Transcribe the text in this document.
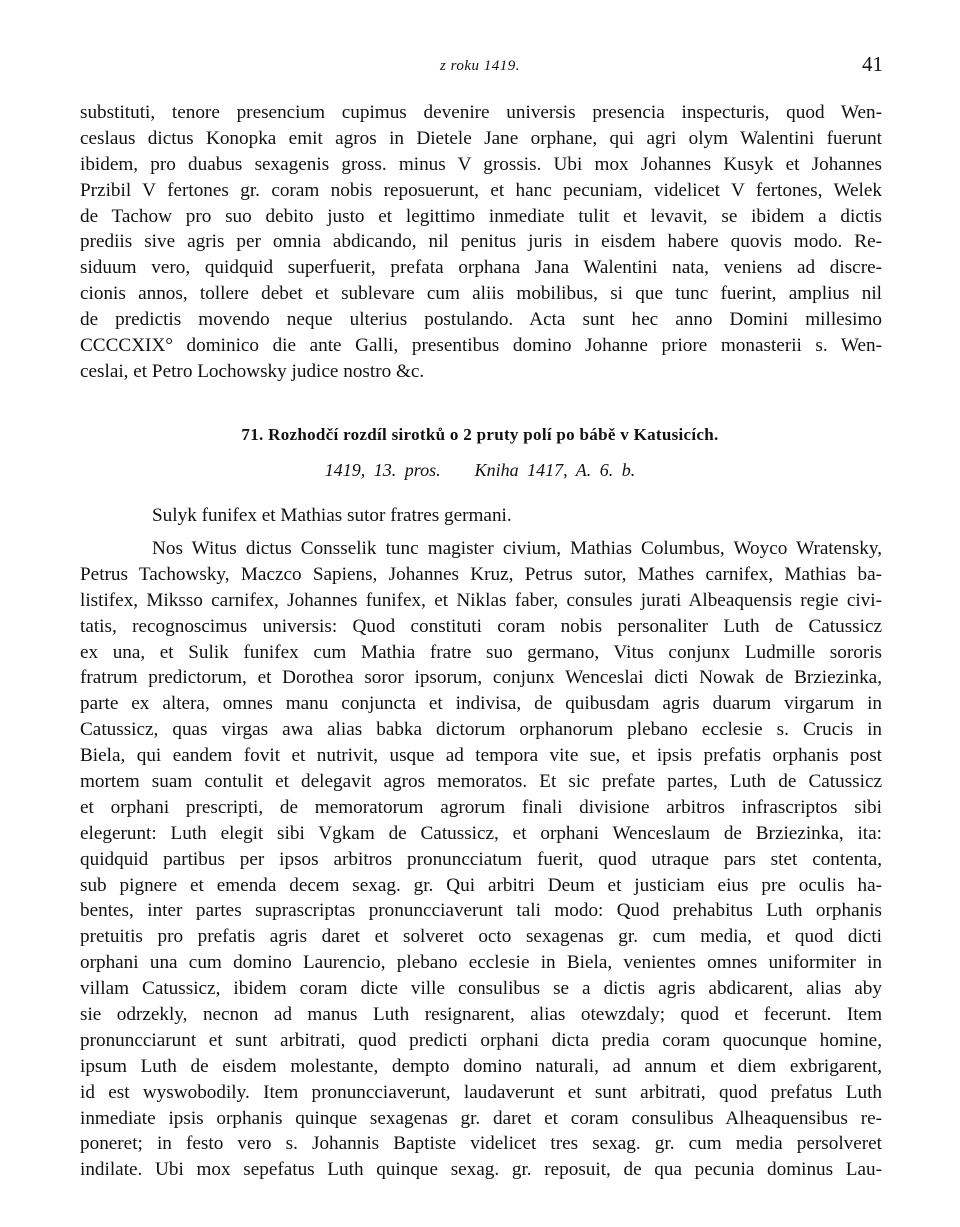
z roku 1419.	41
substituti, tenore presencium cupimus devenire universis presencia inspecturis, quod Wen-
ceslaus dictus Konopka emit agros in Dietele Jane orphane, qui agri olym Walentini fuerunt
ibidem, pro duabus sexagenis gross. minus V grossis. Ubi mox Johannes Kusyk et Johannes
Przibil V fertones gr. coram nobis reposuerunt, et hanc pecuniam, videlicet V fertones, Welek
de Tachow pro suo debito justo et legittimo inmediate tulit et levavit, se ibidem a dictis
prediis sive agris per omnia abdicando, nil penitus juris in eisdem habere quovis modo. Re-
siduum vero, quidquid superfuerit, prefata orphana Jana Walentini nata, veniens ad discre-
cionis annos, tollere debet et sublevare cum aliis mobilibus, si que tunc fuerint, amplius nil
de predictis movendo neque ulterius postulando. Acta sunt hec anno Domini millesimo
CCCCXIX° dominico die ante Galli, presentibus domino Johanne priore monasterii s. Wen-
ceslai, et Petro Lochowsky judice nostro &c.
71. Rozhodčí rozdíl sirotků o 2 pruty polí po bábě v Katusicích.
1419, 13. pros. Kniha 1417, A. 6. b.
Sulyk funifex et Mathias sutor fratres germani.
Nos Witus dictus Consselik tunc magister civium, Mathias Columbus, Woyco Wratensky,
Petrus Tachowsky, Maczco Sapiens, Johannes Kruz, Petrus sutor, Mathes carnifex, Mathias ba-
listifex, Miksso carnifex, Johannes funifex, et Niklas faber, consules jurati Albeaquensis regie civi-
tatis, recognoscimus universis: Quod constituti coram nobis personaliter Luth de Catussicz
ex una, et Sulik funifex cum Mathia fratre suo germano, Vitus conjunx Ludmille sororis
fratrum predictorum, et Dorothea soror ipsorum, conjunx Wenceslai dicti Nowak de Brziezinka,
parte ex altera, omnes manu conjuncta et indivisa, de quibusdam agris duarum virgarum in
Catussicz, quas virgas awa alias babka dictorum orphanorum plebano ecclesie s. Crucis in
Biela, qui eandem fovit et nutrivit, usque ad tempora vite sue, et ipsis prefatis orphanis post
mortem suam contulit et delegavit agros memoratos. Et sic prefate partes, Luth de Catussicz
et orphani prescripti, de memoratorum agrorum finali divisione arbitros infrascriptos sibi
elegerunt: Luth elegit sibi Vgkam de Catussicz, et orphani Wenceslaum de Brziezinka, ita:
quidquid partibus per ipsos arbitros pronuncciatum fuerit, quod utraque pars stet contenta,
sub pignere et emenda decem sexag. gr. Qui arbitri Deum et justiciam eius pre oculis ha-
bentes, inter partes suprascriptas pronuncciaverunt tali modo: Quod prehabitus Luth orphanis
pretuitis pro prefatis agris daret et solveret octo sexagenas gr. cum media, et quod dicti
orphani una cum domino Laurencio, plebano ecclesie in Biela, venientes omnes uniformiter in
villam Catussicz, ibidem coram dicte ville consulibus se a dictis agris abdicarent, alias aby
sie odrzekly, necnon ad manus Luth resignarent, alias otewzdaly; quod et fecerunt. Item
pronuncciarunt et sunt arbitrati, quod predicti orphani dicta predia coram quocunque homine,
ipsum Luth de eisdem molestante, dempto domino naturali, ad annum et diem exbrigarent,
id est wyswobodily. Item pronuncciaverunt, laudaverunt et sunt arbitrati, quod prefatus Luth
inmediate ipsis orphanis quinque sexagenas gr. daret et coram consulibus Alheaquensibus re-
poneret; in festo vero s. Johannis Baptiste videlicet tres sexag. gr. cum media persolveret
indilate. Ubi mox sepefatus Luth quinque sexag. gr. reposuit, de qua pecunia dominus Lau-
